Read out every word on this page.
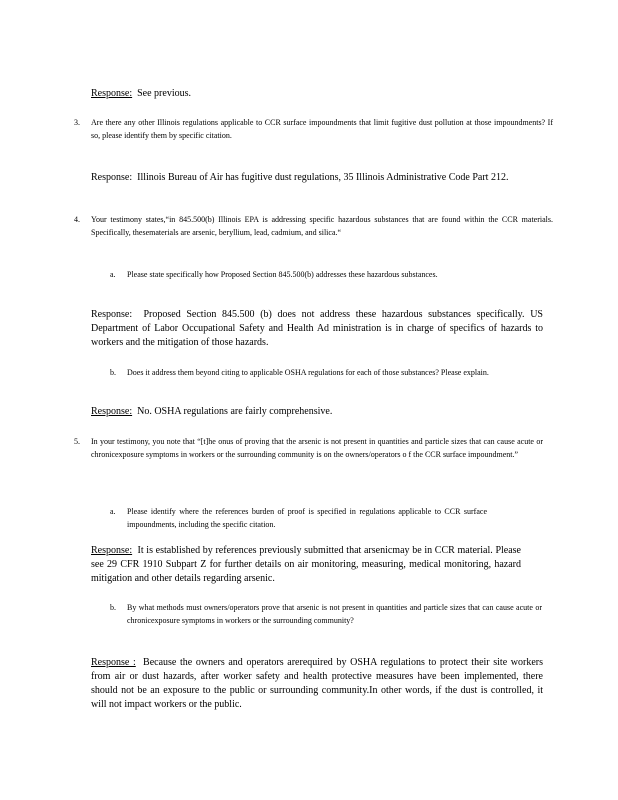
Response: See previous.

3. Are there any other Illinois regulations applicable to CCR surface impoundments that limit fugitive dust pollution at those impoundments? If so, please identify them by specific citation.

Response: Illinois Bureau of Air has fugitive dust regulations, 35 Illinois Administrative Code Part 212.

4. Your testimony states,“in 845.500(b) Illinois EPA is addressing specific hazardous substances that are found within the CCR materials. Specifically, thesematerials are arsenic, beryllium, lead, cadmium, and silica.“
a. Please state specifically how Proposed Section 845.500(b) addresses these hazardous substances.

Response: Proposed Section 845.500 (b) does not address these hazardous substances specifically. US Department of Labor Occupational Safety and Health Ad ministration is in charge of specifics of hazards to workers and the mitigation of those hazards.

b. Does it address them beyond citing to applicable OSHA regulations for each of those substances? Please explain.

Response: No. OSHA regulations are fairly comprehensive.

5. In your testimony, you note that “[t]he onus of proving that the arsenic is not present in quantities and particle sizes that can cause acute or chronicexposure symptoms in workers or the surrounding community is on the owners/operators o f the CCR surface impoundment.”
a. Please identify where the references burden of proof is specified in regulations applicable to CCR surface impoundments, including the specific citation.

Response: It is established by references previously submitted that arsenicmay be in CCR material. Please see 29 CFR 1910 Subpart Z for further details on air monitoring, measuring, medical monitoring, hazard mitigation and other details regarding arsenic.

b. By what methods must owners/operators prove that arsenic is not present in quantities and particle sizes that can cause acute or chronicexposure symptoms in workers or the surrounding community?

Response : Because the owners and operators arerequired by OSHA regulations to protect their site workers from air or dust hazards, after worker safety and health protective measures have been implemented, there should not be an exposure to the public or surrounding community.In other words, if the dust is controlled, it will not impact workers or the public.
